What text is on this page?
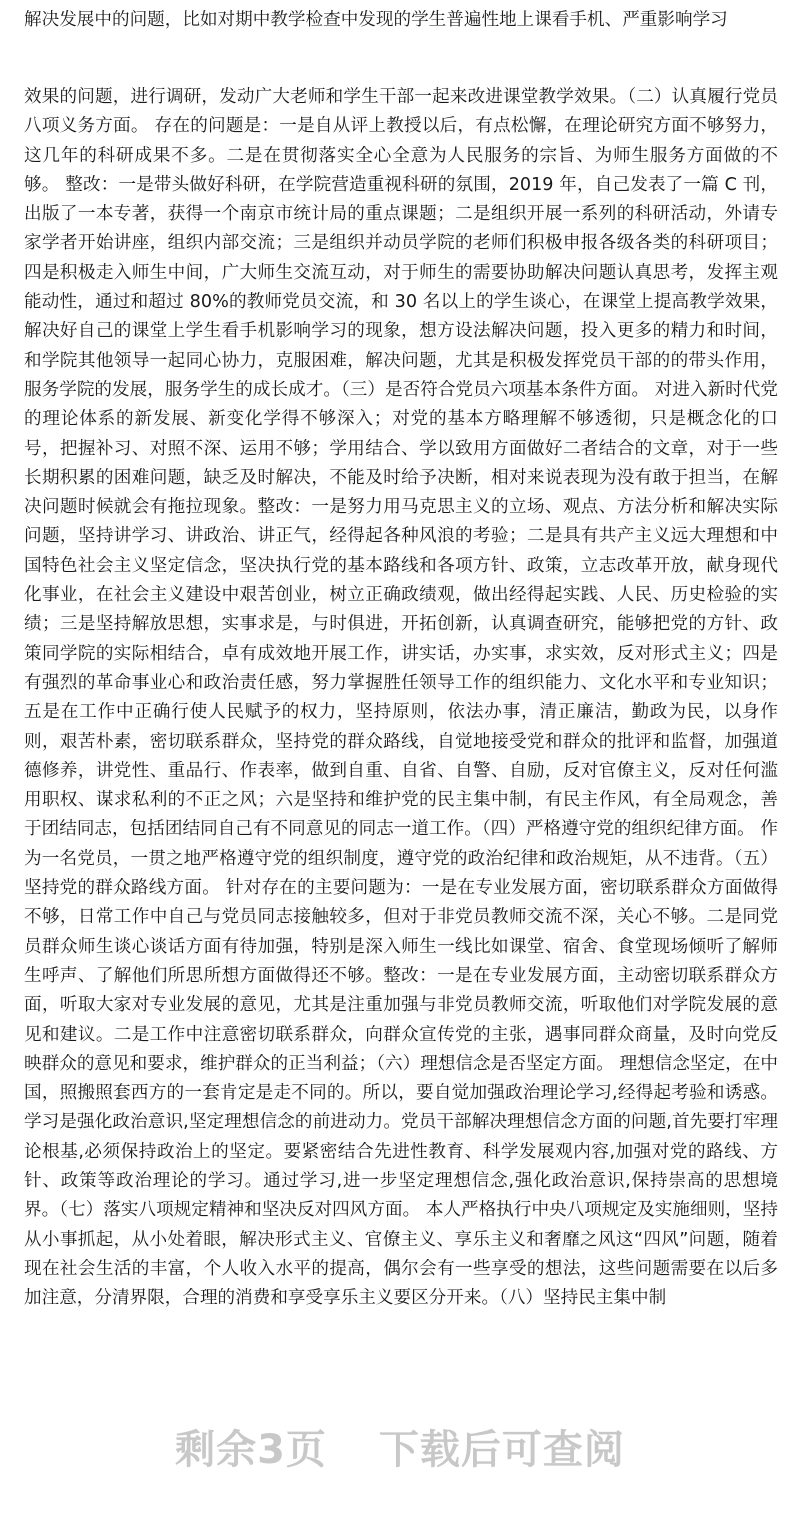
解决发展中的问题，比如对期中教学检查中发现的学生普遍性地上课看手机、严重影响学习
效果的问题，进行调研，发动广大老师和学生干部一起来改进课堂教学效果。（二）认真履行党员八项义务方面。 存在的问题是：一是自从评上教授以后，有点松懈，在理论研究方面不够努力，这几年的科研成果不多。二是在贯彻落实全心全意为人民服务的宗旨、为师生服务方面做的不够。 整改：一是带头做好科研，在学院营造重视科研的氛围，2019 年，自己发表了一篇 C 刊，出版了一本专著，获得一个南京市统计局的重点课题；二是组织开展一系列的科研活动，外请专家学者开始讲座，组织内部交流；三是组织并动员学院的老师们积极申报各级各类的科研项目；四是积极走入师生中间，广大师生交流互动，对于师生的需要协助解决问题认真思考，发挥主观能动性，通过和超过 80%的教师党员交流，和 30 名以上的学生谈心，在课堂上提高教学效果，解决好自己的课堂上学生看手机影响学习的现象，想方设法解决问题，投入更多的精力和时间，和学院其他领导一起同心协力，克服困难，解决问题，尤其是积极发挥党员干部的的带头作用，服务学院的发展，服务学生的成长成才。（三）是否符合党员六项基本条件方面。 对进入新时代党的理论体系的新发展、新变化学得不够深入；对党的基本方略理解不够透彻，只是概念化的口号，把握补习、对照不深、运用不够；学用结合、学以致用方面做好二者结合的文章，对于一些长期积累的困难问题，缺乏及时解决，不能及时给予决断，相对来说表现为没有敢于担当，在解决问题时候就会有拖拉现象。整改：一是努力用马克思主义的立场、观点、方法分析和解决实际问题，坚持讲学习、讲政治、讲正气，经得起各种风浪的考验；二是具有共产主义远大理想和中国特色社会主义坚定信念，坚决执行党的基本路线和各项方针、政策，立志改革开放，献身现代化事业，在社会主义建设中艰苦创业，树立正确政绩观，做出经得起实践、人民、历史检验的实绩；三是坚持解放思想，实事求是，与时俱进，开拓创新，认真调查研究，能够把党的方针、政策同学院的实际相结合，卓有成效地开展工作，讲实话，办实事，求实效，反对形式主义；四是有强烈的革命事业心和政治责任感，努力掌握胜任领导工作的组织能力、文化水平和专业知识；五是在工作中正确行使人民赋予的权力，坚持原则，依法办事，清正廉洁，勤政为民，以身作则，艰苦朴素，密切联系群众，坚持党的群众路线，自觉地接受党和群众的批评和监督，加强道德修养，讲党性、重品行、作表率，做到自重、自省、自警、自励，反对官僚主义，反对任何滥用职权、谋求私利的不正之风；六是坚持和维护党的民主集中制，有民主作风，有全局观念，善于团结同志，包括团结同自己有不同意见的同志一道工作。（四）严格遵守党的组织纪律方面。 作为一名党员，一贯之地严格遵守党的组织制度，遵守党的政治纪律和政治规矩，从不违背。（五）坚持党的群众路线方面。 针对存在的主要问题为：一是在专业发展方面，密切联系群众方面做得不够，日常工作中自己与党员同志接触较多，但对于非党员教师交流不深，关心不够。二是同党员群众师生谈心谈话方面有待加强，特别是深入师生一线比如课堂、宿舍、食堂现场倾听了解师生呼声、了解他们所思所想方面做得还不够。整改：一是在专业发展方面，主动密切联系群众方面，听取大家对专业发展的意见，尤其是注重加强与非党员教师交流，听取他们对学院发展的意见和建议。二是工作中注意密切联系群众，向群众宣传党的主张，遇事同群众商量，及时向党反映群众的意见和要求，维护群众的正当利益；（六）理想信念是否坚定方面。 理想信念坚定，在中国，照搬照套西方的一套肯定是走不同的。所以，要自觉加强政治理论学习,经得起考验和诱惑。学习是强化政治意识,坚定理想信念的前进动力。党员干部解决理想信念方面的问题,首先要打牢理论根基,必须保持政治上的坚定。要紧密结合先进性教育、科学发展观内容,加强对党的路线、方针、政策等政治理论的学习。通过学习,进一步坚定理想信念,强化政治意识,保持崇高的思想境界。（七）落实八项规定精神和坚决反对四风方面。 本人严格执行中央八项规定及实施细则，坚持从小事抓起，从小处着眼，解决形式主义、官僚主义、享乐主义和奢靡之风这“四风”问题，随着现在社会生活的丰富，个人收入水平的提高，偶尔会有一些享受的想法，这些问题需要在以后多加注意，分清界限，合理的消费和享受享乐主义要区分开来。（八）坚持民主集中制
剩余3页 下载后可查阅
